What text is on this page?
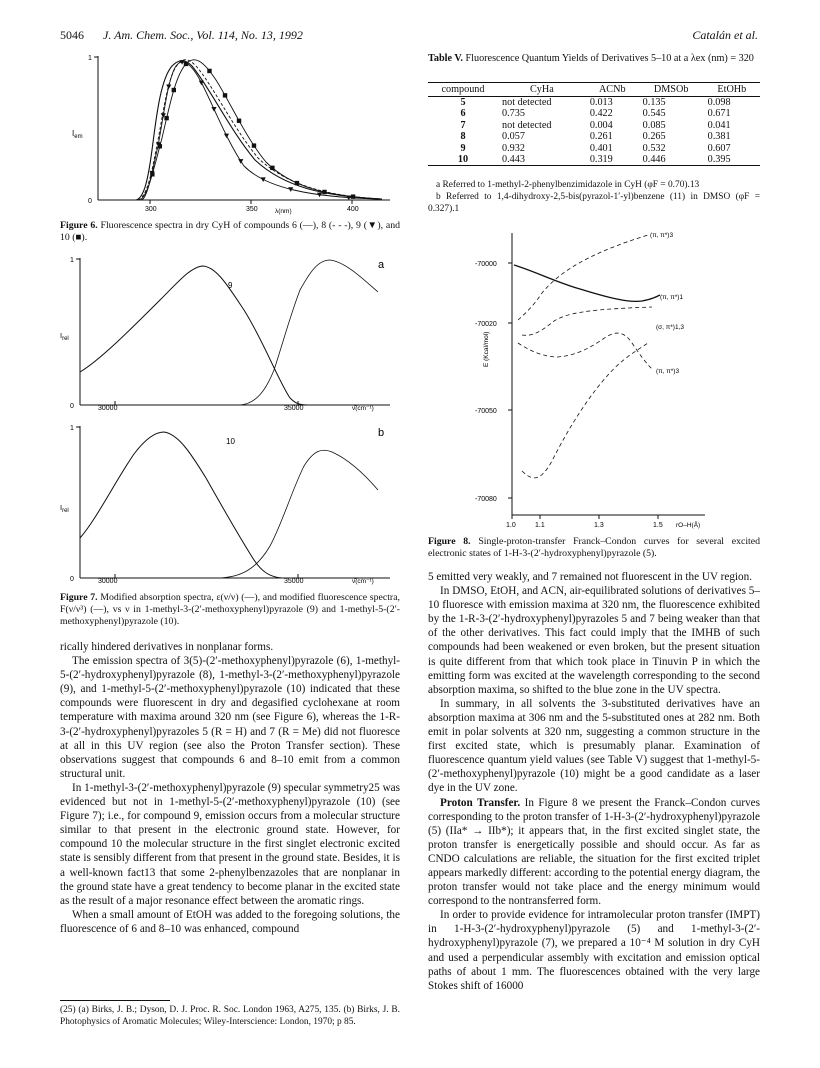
5046 J. Am. Chem. Soc., Vol. 114, No. 13, 1992	Catalán et al.
1
0
$I_{em}$
300	350	400
λ(nm)
Figure 6. Fluorescence spectra in dry CyH of compounds 6 (—), 8 (- - -), 9 (▼), and 10 (■).
1
0
$I_{rel}$
30000	35000	ν̄(cm⁻¹)
9
a
1
0
$I_{rel}$
30000	35000	ν̄(cm⁻¹)
10
b
Figure 7. Modified absorption spectra, ε(ν/ν) (—), and modified fluorescence spectra, F(ν/ν³) (—), vs ν in 1-methyl-3-(2′-methoxyphenyl)pyrazole (9) and 1-methyl-5-(2′-methoxyphenyl)pyrazole (10).

rically hindered derivatives in nonplanar forms.

The emission spectra of 3(5)-(2′-methoxyphenyl)pyrazole (6), 1-methyl-5-(2′-hydroxyphenyl)pyrazole (8), 1-methyl-3-(2′-methoxyphenyl)pyrazole (9), and 1-methyl-5-(2′-methoxyphenyl)pyrazole (10) indicated that these compounds were fluorescent in dry and degasified cyclohexane at room temperature with maxima around 320 nm (see Figure 6), whereas the 1-R-3-(2′-hydroxyphenyl)pyrazoles 5 (R = H) and 7 (R = Me) did not fluoresce at all in this UV region (see also the Proton Transfer section). These observations suggest that compounds 6 and 8–10 emit from a common structural unit.

In 1-methyl-3-(2′-methoxyphenyl)pyrazole (9) specular symmetry25 was evidenced but not in 1-methyl-5-(2′-methoxyphenyl)pyrazole (10) (see Figure 7); i.e., for compound 9, emission occurs from a molecular structure similar to that present in the electronic ground state. However, for compound 10 the molecular structure in the first singlet electronic excited state is sensibly different from that present in the ground state. Besides, it is a well-known fact13 that some 2-phenylbenzazoles that are nonplanar in the ground state have a great tendency to become planar in the excited state as the result of a major resonance effect between the aromatic rings.

When a small amount of EtOH was added to the foregoing solutions, the fluorescence of 6 and 8–10 was enhanced, compound

(25) (a) Birks, J. B.; Dyson, D. J. Proc. R. Soc. London 1963, A275, 135. (b) Birks, J. B. Photophysics of Aromatic Molecules; Wiley-Interscience: London, 1970; p 85.
Table V. Fluorescence Quantum Yields of Derivatives 5–10 at a λex (nm) = 320
compound	CyHa	ACNb	DMSOb	EtOHb
5	not detected	0.013	0.135	0.098
6	0.735	0.422	0.545	0.671
7	not detected	0.004	0.085	0.041
8	0.057	0.261	0.265	0.381
9	0.932	0.401	0.532	0.607
10	0.443	0.319	0.446	0.395
a Referred to 1-methyl-2-phenylbenzimidazole in CyH (φF = 0.70).13
b Referred to 1,4-dihydroxy-2,5-bis(pyrazol-1′-yl)benzene (11) in DMSO (φF = 0.327).1
-70000
-70020
-70050
-70080
1.0	1.1	1.3	1.5 rO–H(Å)
E (Kcal/mol)
(π, π*)3
(π, π*)1
(σ, π*)1,3
(π, π*)3
Figure 8. Single-proton-transfer Franck–Condon curves for several excited electronic states of 1-H-3-(2′-hydroxyphenyl)pyrazole (5).

5 emitted very weakly, and 7 remained not fluorescent in the UV region.

In DMSO, EtOH, and ACN, air-equilibrated solutions of derivatives 5–10 fluoresce with emission maxima at 320 nm, the fluorescence exhibited by the 1-R-3-(2′-hydroxyphenyl)pyrazoles 5 and 7 being weaker than that of the other derivatives. This fact could imply that the IMHB of such compounds had been weakened or even broken, but the present situation is quite different from that which took place in Tinuvin P in which the emitting form was excited at the wavelength corresponding to the second absorption maxima, so shifted to the blue zone in the UV spectra.

In summary, in all solvents the 3-substituted derivatives have an absorption maxima at 306 nm and the 5-substituted ones at 282 nm. Both emit in polar solvents at 320 nm, suggesting a common structure in the first excited state, which is presumably planar. Examination of fluorescence quantum yield values (see Table V) suggest that 1-methyl-5-(2′-methoxyphenyl)pyrazole (10) might be a good candidate as a laser dye in the UV zone.

Proton Transfer. In Figure 8 we present the Franck–Condon curves corresponding to the proton transfer of 1-H-3-(2′-hydroxyphenyl)pyrazole (5) (IIa* → IIb*); it appears that, in the first excited singlet state, the proton transfer is energetically possible and should occur. As far as CNDO calculations are reliable, the situation for the first excited triplet appears markedly different: according to the potential energy diagram, the proton transfer would not take place and the energy minimum would correspond to the nontransferred form.

In order to provide evidence for intramolecular proton transfer (IMPT) in 1-H-3-(2′-hydroxyphenyl)pyrazole (5) and 1-methyl-3-(2′-hydroxyphenyl)pyrazole (7), we prepared a 10⁻⁴ M solution in dry CyH and used a perpendicular assembly with excitation and emission optical paths of about 1 mm. The fluorescences obtained with the very large Stokes shift of 16000
